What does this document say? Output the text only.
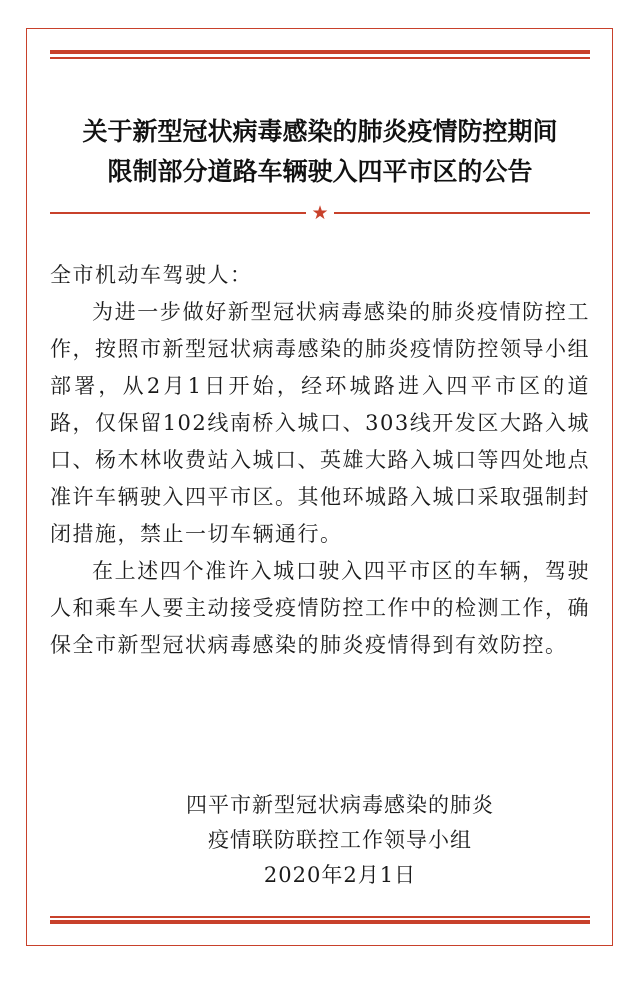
关于新型冠状病毒感染的肺炎疫情防控期间
限制部分道路车辆驶入四平市区的公告
★

全市机动车驾驶人：

为进一步做好新型冠状病毒感染的肺炎疫情防控工作，按照市新型冠状病毒感染的肺炎疫情防控领导小组部署，从2月1日开始，经环城路进入四平市区的道路，仅保留102线南桥入城口、303线开发区大路入城口、杨木林收费站入城口、英雄大路入城口等四处地点准许车辆驶入四平市区。其他环城路入城口采取强制封闭措施，禁止一切车辆通行。

在上述四个准许入城口驶入四平市区的车辆，驾驶人和乘车人要主动接受疫情防控工作中的检测工作，确保全市新型冠状病毒感染的肺炎疫情得到有效防控。

四平市新型冠状病毒感染的肺炎
疫情联防联控工作领导小组
2020年2月1日
